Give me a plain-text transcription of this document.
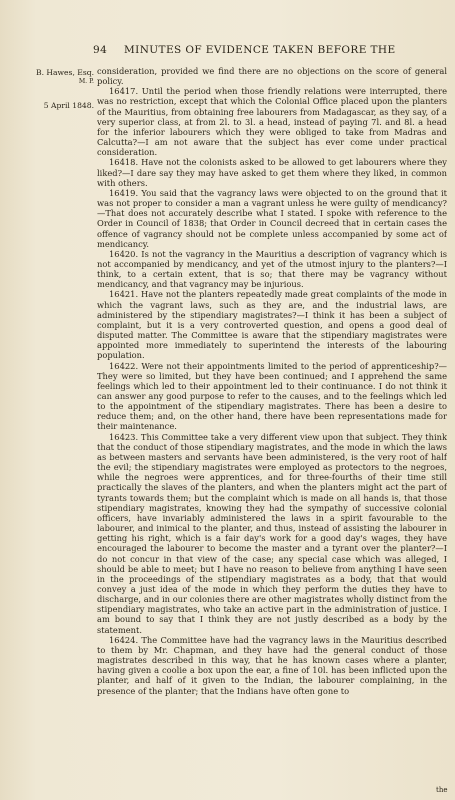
94 MINUTES OF EVIDENCE TAKEN BEFORE THE
B. Hawes, Esq.
M. P.
5 April 1848.

consideration, provided we find there are no objections on the score of general policy.

16417. Until the period when those friendly relations were interrupted, there was no restriction, except that which the Colonial Office placed upon the planters of the Mauritius, from obtaining free labourers from Madagascar, as they say, of a very superior class, at from 2l. to 3l. a head, instead of paying 7l. and 8l. a head for the inferior labourers which they were obliged to take from Madras and Calcutta?—I am not aware that the subject has ever come under practical consideration.

16418. Have not the colonists asked to be allowed to get labourers where they liked?—I dare say they may have asked to get them where they liked, in common with others.

16419. You said that the vagrancy laws were objected to on the ground that it was not proper to consider a man a vagrant unless he were guilty of mendicancy?—That does not accurately describe what I stated. I spoke with reference to the Order in Council of 1838; that Order in Council decreed that in certain cases the offence of vagrancy should not be complete unless accompanied by some act of mendicancy.

16420. Is not the vagrancy in the Mauritius a description of vagrancy which is not accompanied by mendicancy, and yet of the utmost injury to the planters?—I think, to a certain extent, that is so; that there may be vagrancy without mendicancy, and that vagrancy may be injurious.

16421. Have not the planters repeatedly made great complaints of the mode in which the vagrant laws, such as they are, and the industrial laws, are administered by the stipendiary magistrates?—I think it has been a subject of complaint, but it is a very controverted question, and opens a good deal of disputed matter. The Committee is aware that the stipendiary magistrates were appointed more immediately to superintend the interests of the labouring population.

16422. Were not their appointments limited to the period of apprenticeship?—They were so limited, but they have been continued; and I apprehend the same feelings which led to their appointment led to their continuance. I do not think it can answer any good purpose to refer to the causes, and to the feelings which led to the appointment of the stipendiary magistrates. There has been a desire to reduce them; and, on the other hand, there have been representations made for their maintenance.

16423. This Committee take a very different view upon that subject. They think that the conduct of those stipendiary magistrates, and the mode in which the laws as between masters and servants have been administered, is the very root of half the evil; the stipendiary magistrates were employed as protectors to the negroes, while the negroes were apprentices, and for three-fourths of their time still practically the slaves of the planters, and when the planters might act the part of tyrants towards them; but the complaint which is made on all hands is, that those stipendiary magistrates, knowing they had the sympathy of successive colonial officers, have invariably administered the laws in a spirit favourable to the labourer, and inimical to the planter, and thus, instead of assisting the labourer in getting his right, which is a fair day's work for a good day's wages, they have encouraged the labourer to become the master and a tyrant over the planter?—I do not concur in that view of the case; any special case which was alleged, I should be able to meet; but I have no reason to believe from anything I have seen in the proceedings of the stipendiary magistrates as a body, that that would convey a just idea of the mode in which they perform the duties they have to discharge, and in our colonies there are other magistrates wholly distinct from the stipendiary magistrates, who take an active part in the administration of justice. I am bound to say that I think they are not justly described as a body by the statement.

16424. The Committee have had the vagrancy laws in the Mauritius described to them by Mr. Chapman, and they have had the general conduct of those magistrates described in this way, that he has known cases where a planter, having given a coolie a box upon the ear, a fine of 10l. has been inflicted upon the planter, and half of it given to the Indian, the labourer complaining, in the presence of the planter; that the Indians have often gone to

the
